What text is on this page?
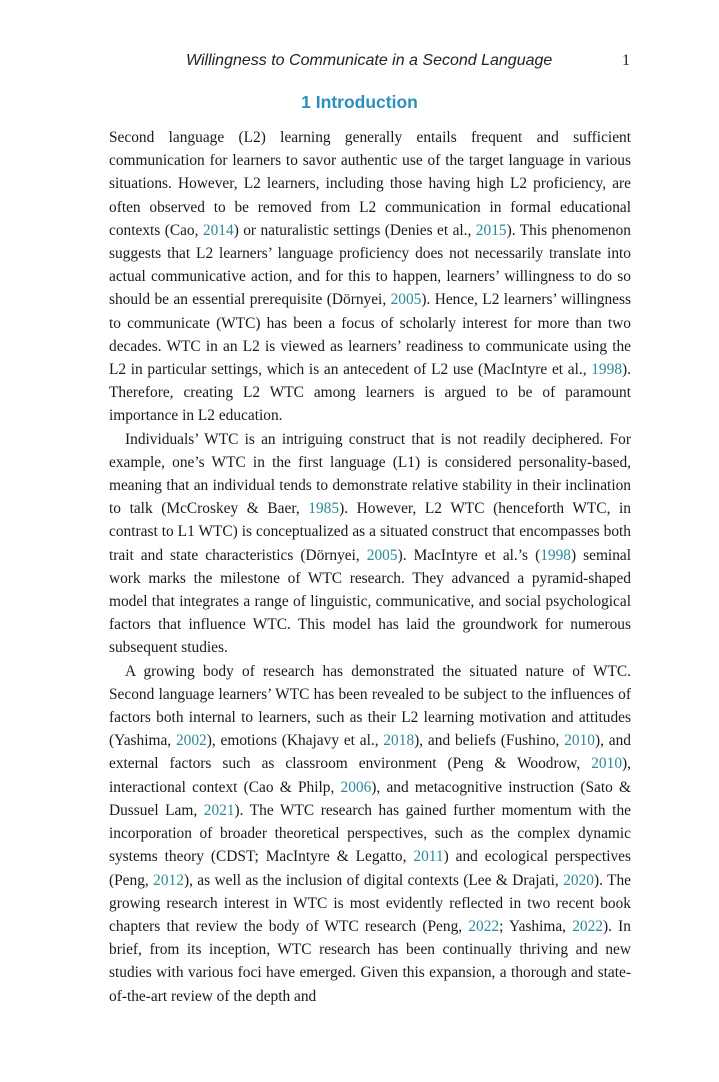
Willingness to Communicate in a Second Language	1
1 Introduction

Second language (L2) learning generally entails frequent and sufficient communication for learners to savor authentic use of the target language in various situations. However, L2 learners, including those having high L2 proficiency, are often observed to be removed from L2 communication in formal educational contexts (Cao, 2014) or naturalistic settings (Denies et al., 2015). This phenomenon suggests that L2 learners’ language proficiency does not necessarily translate into actual communicative action, and for this to happen, learners’ willingness to do so should be an essential prerequisite (Dörnyei, 2005). Hence, L2 learners’ willingness to communicate (WTC) has been a focus of scholarly interest for more than two decades. WTC in an L2 is viewed as learners’ readiness to communicate using the L2 in particular settings, which is an antecedent of L2 use (MacIntyre et al., 1998). Therefore, creating L2 WTC among learners is argued to be of paramount importance in L2 education.

Individuals’ WTC is an intriguing construct that is not readily deciphered. For example, one’s WTC in the first language (L1) is considered personality-based, meaning that an individual tends to demonstrate relative stability in their inclination to talk (McCroskey & Baer, 1985). However, L2 WTC (henceforth WTC, in contrast to L1 WTC) is conceptualized as a situated construct that encompasses both trait and state characteristics (Dörnyei, 2005). MacIntyre et al.’s (1998) seminal work marks the milestone of WTC research. They advanced a pyramid-shaped model that integrates a range of linguistic, communicative, and social psychological factors that influence WTC. This model has laid the groundwork for numerous subsequent studies.

A growing body of research has demonstrated the situated nature of WTC. Second language learners’ WTC has been revealed to be subject to the influences of factors both internal to learners, such as their L2 learning motivation and attitudes (Yashima, 2002), emotions (Khajavy et al., 2018), and beliefs (Fushino, 2010), and external factors such as classroom environment (Peng & Woodrow, 2010), interactional context (Cao & Philp, 2006), and metacognitive instruction (Sato & Dussuel Lam, 2021). The WTC research has gained further momentum with the incorporation of broader theoretical perspectives, such as the complex dynamic systems theory (CDST; MacIntyre & Legatto, 2011) and ecological perspectives (Peng, 2012), as well as the inclusion of digital contexts (Lee & Drajati, 2020). The growing research interest in WTC is most evidently reflected in two recent book chapters that review the body of WTC research (Peng, 2022; Yashima, 2022). In brief, from its inception, WTC research has been continually thriving and new studies with various foci have emerged. Given this expansion, a thorough and state-of-the-art review of the depth and
